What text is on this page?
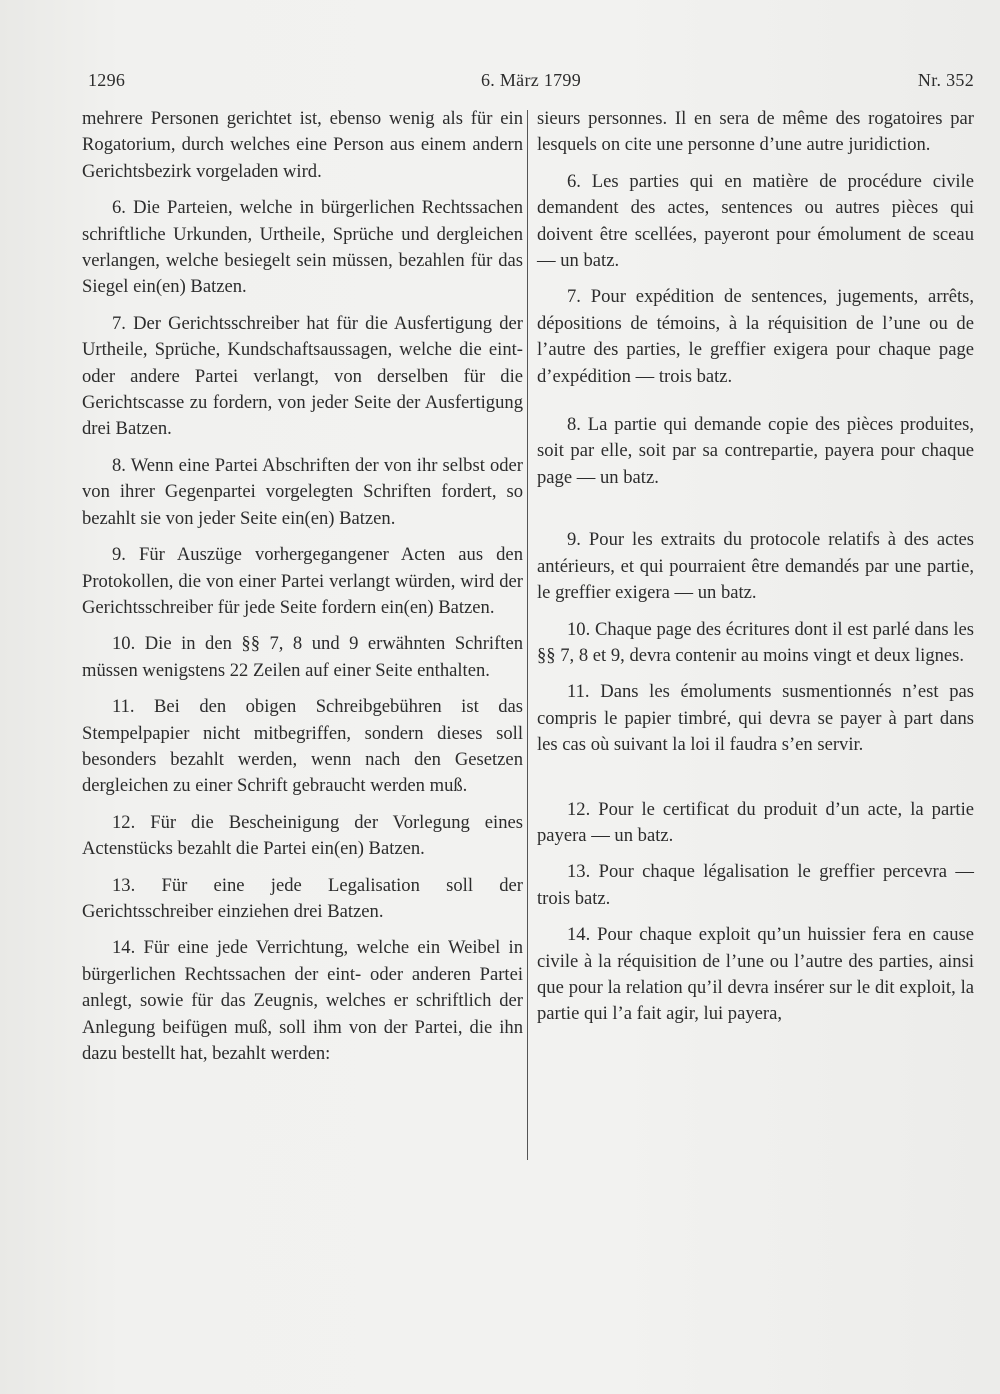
1296	6. März 1799	Nr. 352

mehrere Personen gerichtet ist, ebenso wenig als für ein Rogatorium, durch welches eine Person aus einem andern Gerichtsbezirk vorgeladen wird.

6. Die Parteien, welche in bürgerlichen Rechtssachen schriftliche Urkunden, Urtheile, Sprüche und dergleichen verlangen, welche besiegelt sein müssen, bezahlen für das Siegel ein(en) Batzen.

7. Der Gerichtsschreiber hat für die Ausfertigung der Urtheile, Sprüche, Kundschaftsaussagen, welche die eint- oder andere Partei verlangt, von derselben für die Gerichtscasse zu fordern, von jeder Seite der Ausfertigung drei Batzen.

8. Wenn eine Partei Abschriften der von ihr selbst oder von ihrer Gegenpartei vorgelegten Schriften fordert, so bezahlt sie von jeder Seite ein(en) Batzen.

9. Für Auszüge vorhergegangener Acten aus den Protokollen, die von einer Partei verlangt würden, wird der Gerichtsschreiber für jede Seite fordern ein(en) Batzen.

10. Die in den §§ 7, 8 und 9 erwähnten Schriften müssen wenigstens 22 Zeilen auf einer Seite enthalten.

11. Bei den obigen Schreibgebühren ist das Stempelpapier nicht mitbegriffen, sondern dieses soll besonders bezahlt werden, wenn nach den Gesetzen dergleichen zu einer Schrift gebraucht werden muß.

12. Für die Bescheinigung der Vorlegung eines Actenstücks bezahlt die Partei ein(en) Batzen.

13. Für eine jede Legalisation soll der Gerichtsschreiber einziehen drei Batzen.

14. Für eine jede Verrichtung, welche ein Weibel in bürgerlichen Rechtssachen der eint- oder anderen Partei anlegt, sowie für das Zeugnis, welches er schriftlich der Anlegung beifügen muß, soll ihm von der Partei, die ihn dazu bestellt hat, bezahlt werden:

sieurs personnes. Il en sera de même des rogatoires par lesquels on cite une personne d’une autre juridiction.

6. Les parties qui en matière de procédure civile demandent des actes, sentences ou autres pièces qui doivent être scellées, payeront pour émolument de sceau — un batz.

7. Pour expédition de sentences, jugements, arrêts, dépositions de témoins, à la réquisition de l’une ou de l’autre des parties, le greffier exigera pour chaque page d’expédition — trois batz.

8. La partie qui demande copie des pièces produites, soit par elle, soit par sa contrepartie, payera pour chaque page — un batz.

9. Pour les extraits du protocole relatifs à des actes antérieurs, et qui pourraient être demandés par une partie, le greffier exigera — un batz.

10. Chaque page des écritures dont il est parlé dans les §§ 7, 8 et 9, devra contenir au moins vingt et deux lignes.

11. Dans les émoluments susmentionnés n’est pas compris le papier timbré, qui devra se payer à part dans les cas où suivant la loi il faudra s’en servir.

12. Pour le certificat du produit d’un acte, la partie payera — un batz.

13. Pour chaque légalisation le greffier percevra — trois batz.

14. Pour chaque exploit qu’un huissier fera en cause civile à la réquisition de l’une ou l’autre des parties, ainsi que pour la relation qu’il devra insérer sur le dit exploit, la partie qui l’a fait agir, lui payera,
